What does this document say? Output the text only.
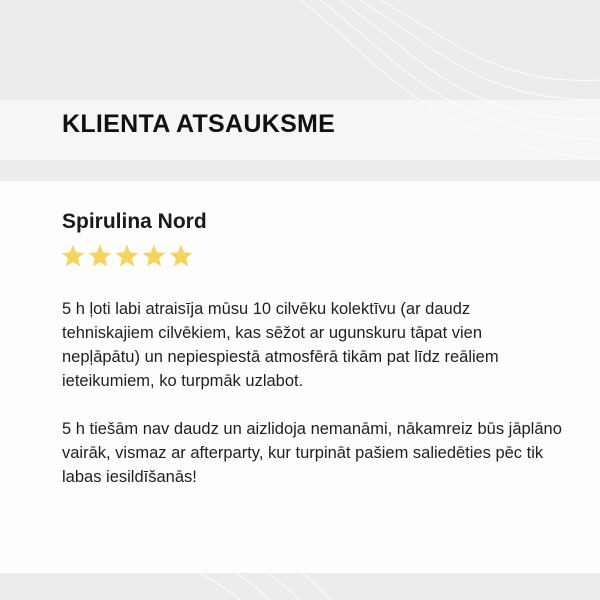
KLIENTA ATSAUKSME
Spirulina Nord

5 h ļoti labi atraisīja mūsu 10 cilvēku kolektīvu (ar daudz tehniskajiem cilvēkiem, kas sēžot ar ugunskuru tāpat vien nepļāpātu) un nepiespiestā atmosfērā tikām pat līdz reāliem ieteikumiem, ko turpmāk uzlabot.

5 h tiešām nav daudz un aizlidoja nemanāmi, nākamreiz būs jāplāno vairāk, vismaz ar afterparty, kur turpināt pašiem saliedēties pēc tik labas iesildīšanās!
